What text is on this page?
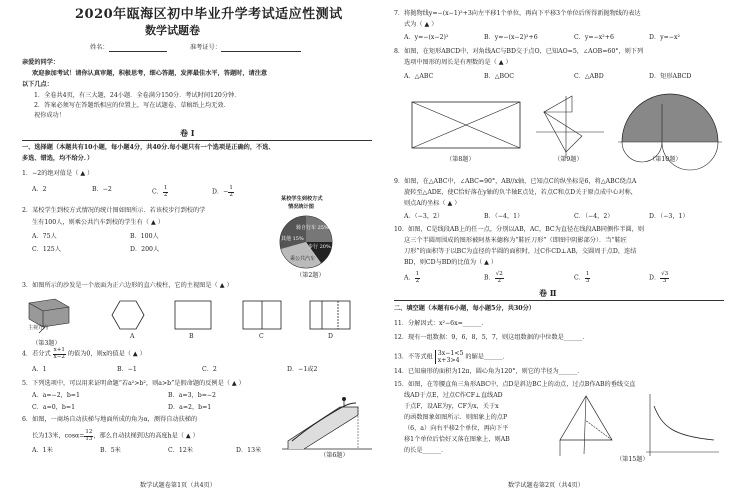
2020年瓯海区初中毕业升学考试适应性测试
数学试题卷
姓名：	准考证号：
亲爱的同学：
欢迎参加考试！请你认真审题，积极思考，细心答题，发挥最佳水平，答题时，请注意
以下几点：
1．全卷共4页，有三大题，24小题．全卷满分150分．考试时间120分钟．
2．答案必须写在答题纸相应的位置上，写在试题卷、草稿纸上均无效．
祝你成功！
卷 Ⅰ
一、选择题（本题共有10小题，每小题4分，共40分.每小题只有一个选项是正确的，不选、
多选、错选，均不给分．）
1．−2的绝对值是（ ▲ ）
A．2	B．−2	C． $\frac{1}{2}$	D．− $\frac{1}{2}$
2．某校学生到校方式情况的统计图如图所示．若该校步行到校的学
生有100人，则乘公共汽车到校的学生有（ ▲ ）
A．75人	B．100人
C．125人	D．200人
某校学生到校方式
情况统计图
骑自行车 25%
步行 20%
乘公共汽车
其他 15%
（第2题）
3．如图所示的沙发是一个底面为正六边形的直六棱柱，它的主视图是（ ▲ ）
主视方向
（第3题）
A	B	C	D
4．若分式 $\frac{x+1}{x-2}$ 的值为0，则x的值是（ ▲ ）
A．1	B．−1	C．2	D．−1或2
5．下列选项中，可以用来证明命题“若a²>b²，则a>b”是假命题的反例是（ ▲ ）
A．a=−2，b=1	B．a=3，b=−2
C．a=0，b=1	D．a=2，b=1
6．如图，一商场自动扶梯与地面所成的角为α，测得自动扶梯的
长为13米，$\cos\alpha= \frac{12}{13}$ ，那么自动扶梯到达的高度h是（ ▲ ）
A．1米	B．5米	C．12米	D．13米
（第6题）
数学试题卷第1页（共4页）
7．将抛物线y=−(x−1)²+3向左平移1个单位，再向下平移3个单位后所得新抛物线的表达
式为（ ▲ ）
A．y=−(x−2)²	B．y=−(x−2)²+6	C．y=−x²+6	D．y=−x²
8．如图，在矩形ABCD中，对角线AC与BD交于点O，已知AO=5，∠AOB=60°，则下列
选项中图形的周长是有理数的是（ ▲ ）
A．△ABC	B．△BOC	C．△ABD	D．矩形ABCD
（第8题）	（第9题）	（第10题）
9．如图，在△ABC中，∠ABC=90°，AB//x轴，已知点C的纵坐标是6，将△ABC绕点A
旋转至△ADE，使C恰好落在y轴的负半轴E点处，若点C和点D关于原点成中心对称，
则点A的坐标（ ▲ ）
A．（−3，2）	B．（−4，1）	C．（−4，2）	D．（−3，1）
10．如图，C是线段AB上的任一点，分别以AB，AC，BC为直径在线段AB同侧作半圆，则
这三个半圆周围成的图形被阿基米德称为“鞋匠刀形”（即图中阴影部分）．当“鞋匠
刀形”的面积等于以BC为直径的半圆的面积时，过C作CD⊥AB，交圆周于点D，连结
BD，则CD与BD的比值为（ ▲ ）
A． $\frac{1}{2}$	B． $\frac{√2}{2}$	C． $\frac{1}{3}$	D． $\frac{√3}{3}$
卷 Ⅱ
二、填空题（本题有6小题，每小题5分，共30分）
11．分解因式：x²−6x=______．
12．现有一组数据：9，6，8，5，7，则这组数据的中位数是______．
13．不等式组
3x−1<5
x+3>4 的解是______．
14．已知扇形的面积为12π，圆心角为120°，则它的半径为______．
15．如图，在等腰直角三角形ABC中，点D是斜边BC上的动点，过点B作AB的垂线交直
线AD于点E，过点C作CF⊥直线AD
于点F，设AE为y，CF为x，关于x
的函数图象如图所示．则图象上的点P
（6，a）向右平移2个单位，再向下平
移1个单位后恰好又落在图象上，则AB
的长是______．
（第15题）
数学试题卷第2页（共4页）
